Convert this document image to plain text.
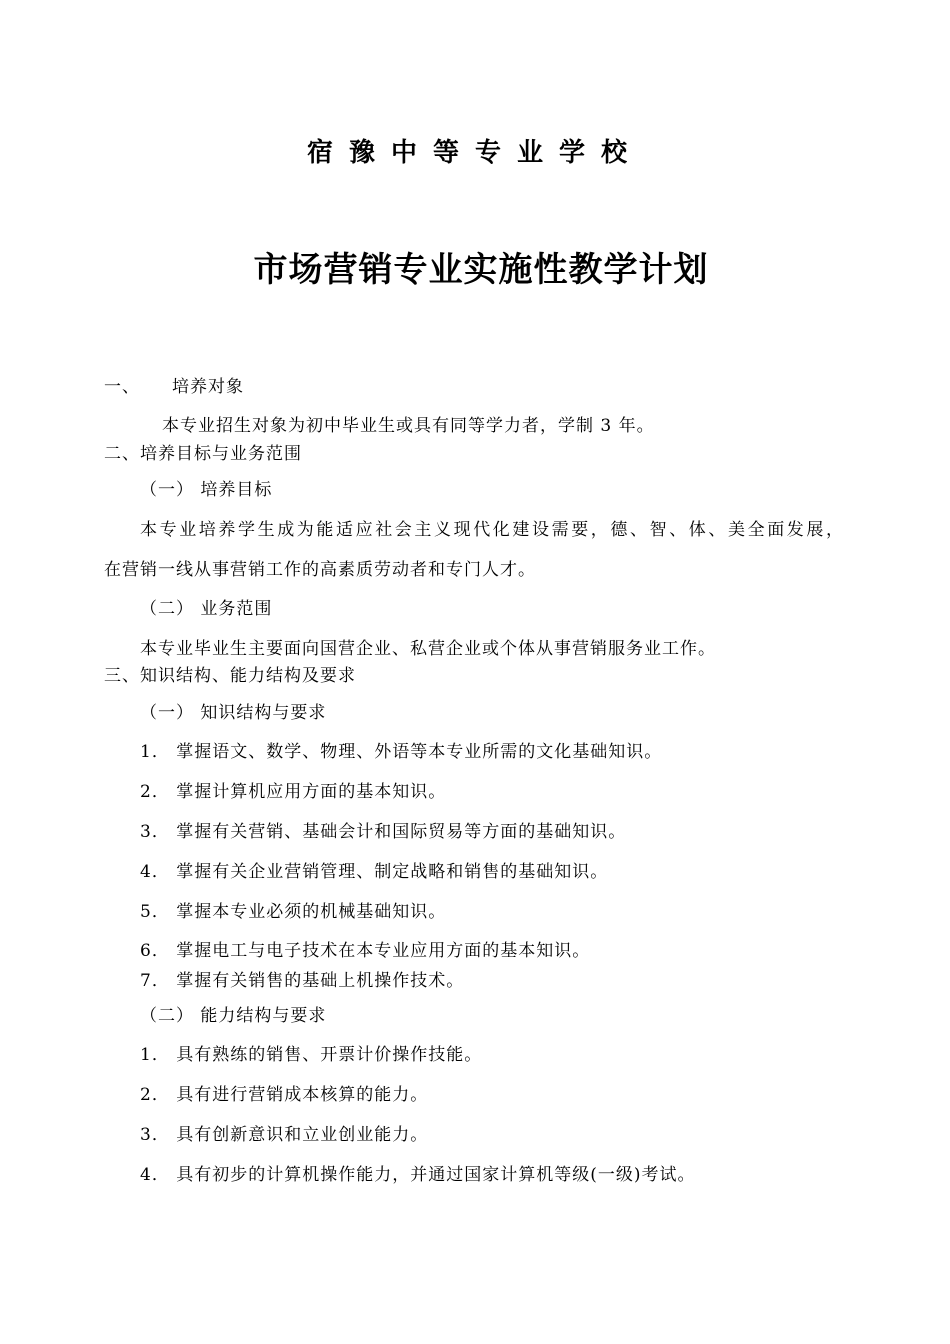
宿豫中等专业学校
市场营销专业实施性教学计划
一、 培养对象
本专业招生对象为初中毕业生或具有同等学力者，学制 3 年。
二、培养目标与业务范围
（一） 培养目标
本专业培养学生成为能适应社会主义现代化建设需要，德、智、体、美全面发展，
在营销一线从事营销工作的高素质劳动者和专门人才。
（二） 业务范围
本专业毕业生主要面向国营企业、私营企业或个体从事营销服务业工作。
三、知识结构、能力结构及要求
（一） 知识结构与要求
1． 掌握语文、数学、物理、外语等本专业所需的文化基础知识。
2． 掌握计算机应用方面的基本知识。
3． 掌握有关营销、基础会计和国际贸易等方面的基础知识。
4． 掌握有关企业营销管理、制定战略和销售的基础知识。
5． 掌握本专业必须的机械基础知识。
6． 掌握电工与电子技术在本专业应用方面的基本知识。
7． 掌握有关销售的基础上机操作技术。
（二） 能力结构与要求
1． 具有熟练的销售、开票计价操作技能。
2． 具有进行营销成本核算的能力。
3． 具有创新意识和立业创业能力。
4． 具有初步的计算机操作能力，并通过国家计算机等级(一级)考试。
